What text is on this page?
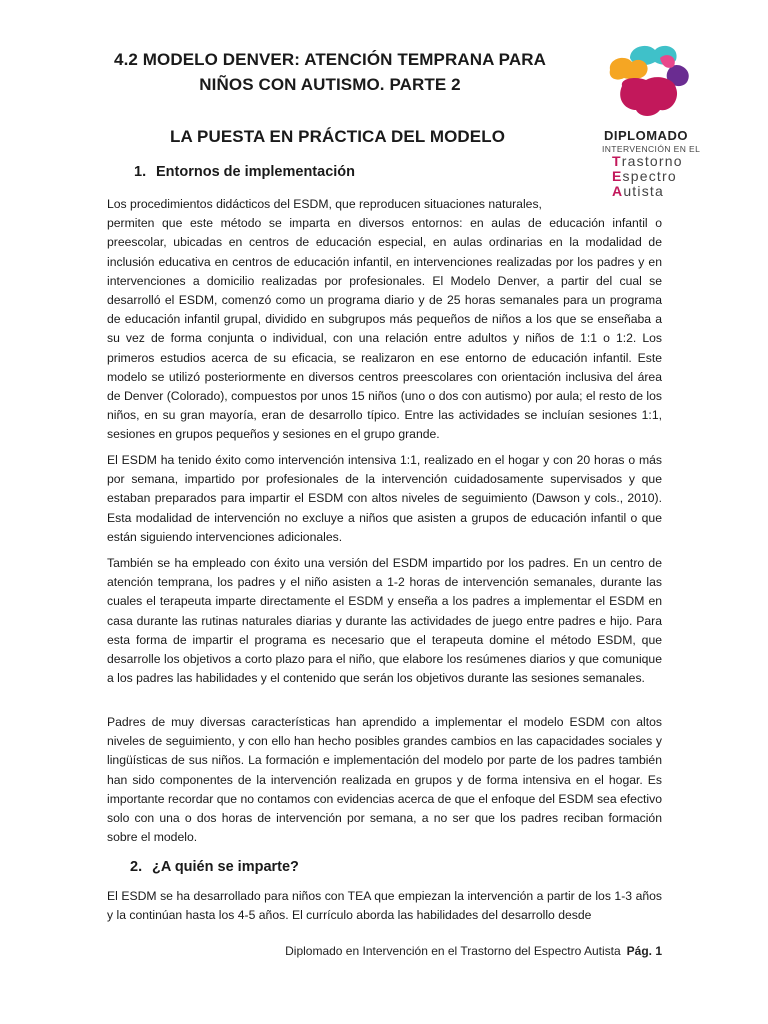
4.2 MODELO DENVER: ATENCIÓN TEMPRANA PARA
NIÑOS CON AUTISMO. PARTE 2
DIPLOMADO
INTERVENCIÓN EN EL
Trastorno
Espectro
Autista
LA PUESTA EN PRÁCTICA DEL MODELO
1. Entornos de implementación
Los procedimientos didácticos del ESDM, que reproducen situaciones naturales,
permiten que este método se imparta en diversos entornos: en aulas de educación infantil o preescolar, ubicadas en centros de educación especial, en aulas ordinarias en la modalidad de inclusión educativa en centros de educación infantil, en intervenciones realizadas por los padres y en intervenciones a domicilio realizadas por profesionales. El Modelo Denver, a partir del cual se desarrolló el ESDM, comenzó como un programa diario y de 25 horas semanales para un programa de educación infantil grupal, dividido en subgrupos más pequeños de niños a los que se enseñaba a su vez de forma conjunta o individual, con una relación entre adultos y niños de 1:1 o 1:2. Los primeros estudios acerca de su eficacia, se realizaron en ese entorno de educación infantil. Este modelo se utilizó posteriormente en diversos centros preescolares con orientación inclusiva del área de Denver (Colorado), compuestos por unos 15 niños (uno o dos con autismo) por aula; el resto de los niños, en su gran mayoría, eran de desarrollo típico. Entre las actividades se incluían sesiones 1:1, sesiones en grupos pequeños y sesiones en el grupo grande.

El ESDM ha tenido éxito como intervención intensiva 1:1, realizado en el hogar y con 20 horas o más por semana, impartido por profesionales de la intervención cuidadosamente supervisados y que estaban preparados para impartir el ESDM con altos niveles de seguimiento (Dawson y cols., 2010). Esta modalidad de intervención no excluye a niños que asisten a grupos de educación infantil o que están siguiendo intervenciones adicionales.

También se ha empleado con éxito una versión del ESDM impartido por los padres. En un centro de atención temprana, los padres y el niño asisten a 1-2 horas de intervención semanales, durante las cuales el terapeuta imparte directamente el ESDM y enseña a los padres a implementar el ESDM en casa durante las rutinas naturales diarias y durante las actividades de juego entre padres e hijo. Para esta forma de impartir el programa es necesario que el terapeuta domine el método ESDM, que desarrolle los objetivos a corto plazo para el niño, que elabore los resúmenes diarios y que comunique a los padres las habilidades y el contenido que serán los objetivos durante las sesiones semanales.

Padres de muy diversas características han aprendido a implementar el modelo ESDM con altos niveles de seguimiento, y con ello han hecho posibles grandes cambios en las capacidades sociales y lingüísticas de sus niños. La formación e implementación del modelo por parte de los padres también han sido componentes de la intervención realizada en grupos y de forma intensiva en el hogar. Es importante recordar que no contamos con evidencias acerca de que el enfoque del ESDM sea efectivo solo con una o dos horas de intervención por semana, a no ser que los padres reciban formación sobre el modelo.

2. ¿A quién se imparte?

El ESDM se ha desarrollado para niños con TEA que empiezan la intervención a partir de los 1-3 años y la continúan hasta los 4-5 años. El currículo aborda las habilidades del desarrollo desde

Diplomado en Intervención en el Trastorno del Espectro Autista Pág. 1
